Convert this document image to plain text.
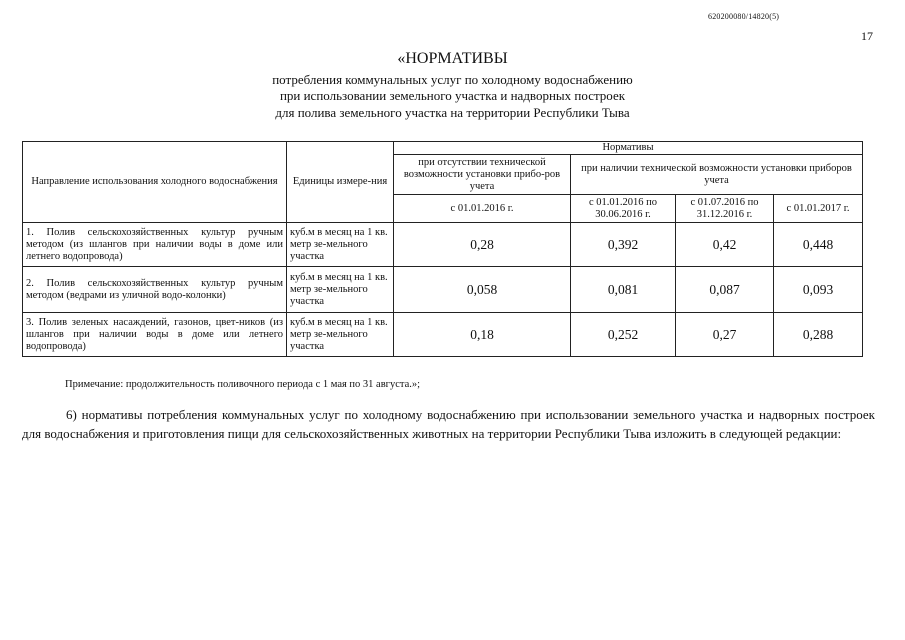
620200080/14820(5)
17
«НОРМАТИВЫ
потребления коммунальных услуг по холодному водоснабжению
при использовании земельного участка и надворных построек
для полива земельного участка на территории Республики Тыва
Направление использования холодного водоснабжения	Единицы измере-ния	Нормативы			
		при отсутствии технической возможности установки прибо-ров учета	при наличии технической возможности установки приборов учета		
		с 01.01.2016 г.	с 01.01.2016 по 30.06.2016 г.	с 01.07.2016 по 31.12.2016 г.	с 01.01.2017 г.
1. Полив сельскохозяйственных культур ручным методом (из шлангов при наличии воды в доме или летнего водопровода)	куб.м в месяц на 1 кв. метр зе-мельного участка	0,28	0,392	0,42	0,448
2. Полив сельскохозяйственных культур ручным методом (ведрами из уличной водо-колонки)	куб.м в месяц на 1 кв. метр зе-мельного участка	0,058	0,081	0,087	0,093
3. Полив зеленых насаждений, газонов, цвет-ников (из шлангов при наличии воды в доме или летнего водопровода)	куб.м в месяц на 1 кв. метр зе-мельного участка	0,18	0,252	0,27	0,288
Примечание: продолжительность поливочного периода с 1 мая по 31 августа.»;
6) нормативы потребления коммунальных услуг по холодному водоснабжению при использовании земельного участка и надворных построек для водоснабжения и приготовления пищи для сельскохозяйственных животных на территории Республики Тыва изложить в следующей редакции:
